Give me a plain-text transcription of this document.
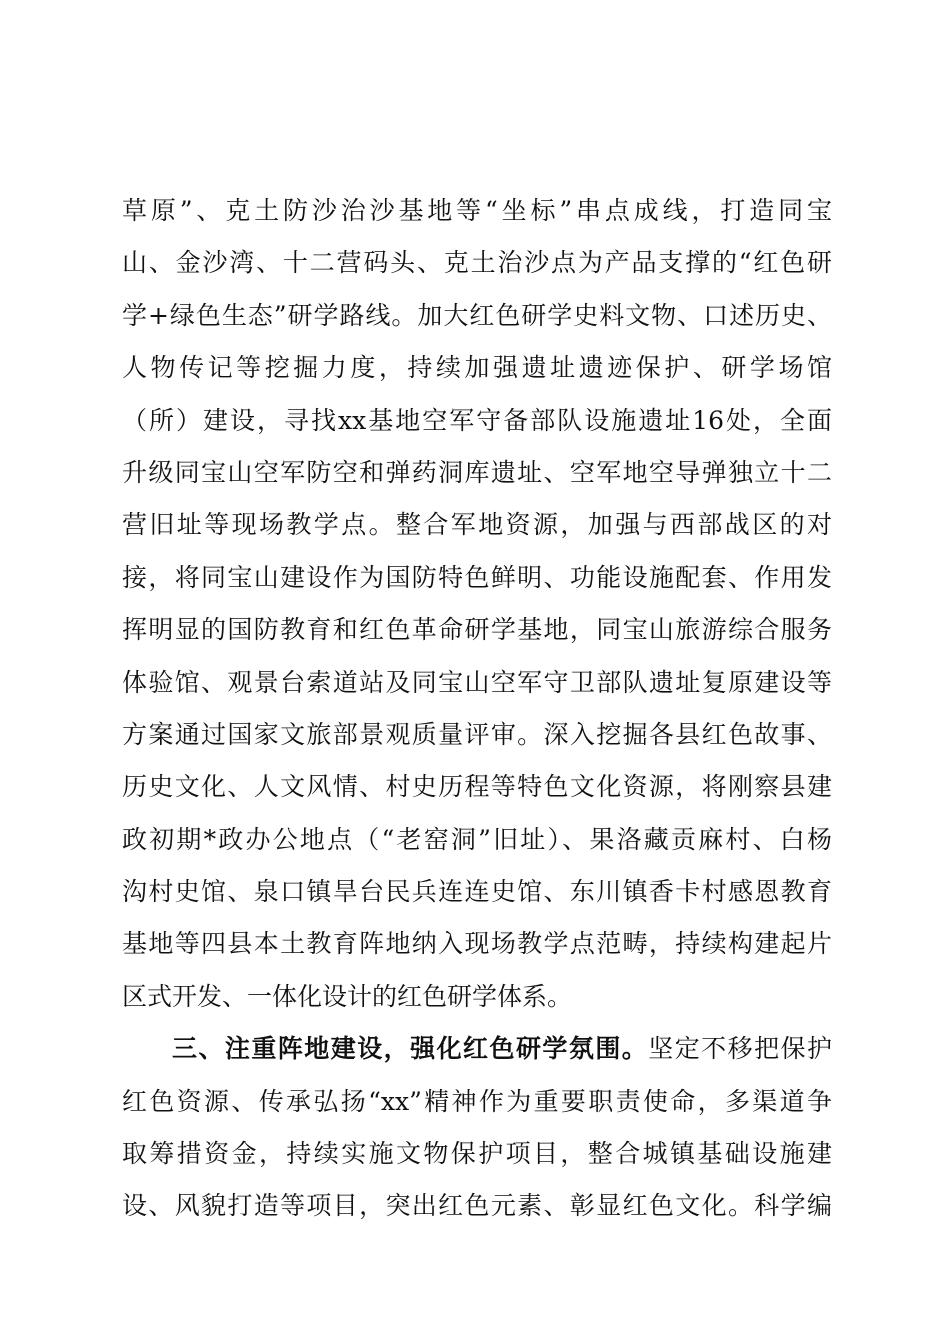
草原”、克土防沙治沙基地等“坐标”串点成线，打造同宝
山、金沙湾、十二营码头、克土治沙点为产品支撑的“红色研
学+绿色生态”研学路线。加大红色研学史料文物、口述历史、
人物传记等挖掘力度，持续加强遗址遗迹保护、研学场馆
（所）建设，寻找xx基地空军守备部队设施遗址16处，全面
升级同宝山空军防空和弹药洞库遗址、空军地空导弹独立十二
营旧址等现场教学点。整合军地资源，加强与西部战区的对
接，将同宝山建设作为国防特色鲜明、功能设施配套、作用发
挥明显的国防教育和红色革命研学基地，同宝山旅游综合服务
体验馆、观景台索道站及同宝山空军守卫部队遗址复原建设等
方案通过国家文旅部景观质量评审。深入挖掘各县红色故事、
历史文化、人文风情、村史历程等特色文化资源，将刚察县建
政初期*政办公地点（“老窑洞”旧址）、果洛藏贡麻村、白杨
沟村史馆、泉口镇旱台民兵连连史馆、东川镇香卡村感恩教育
基地等四县本土教育阵地纳入现场教学点范畴，持续构建起片
区式开发、一体化设计的红色研学体系。
三、注重阵地建设，强化红色研学氛围。坚定不移把保护
红色资源、传承弘扬“xx”精神作为重要职责使命，多渠道争
取筹措资金，持续实施文物保护项目，整合城镇基础设施建
设、风貌打造等项目，突出红色元素、彰显红色文化。科学编
